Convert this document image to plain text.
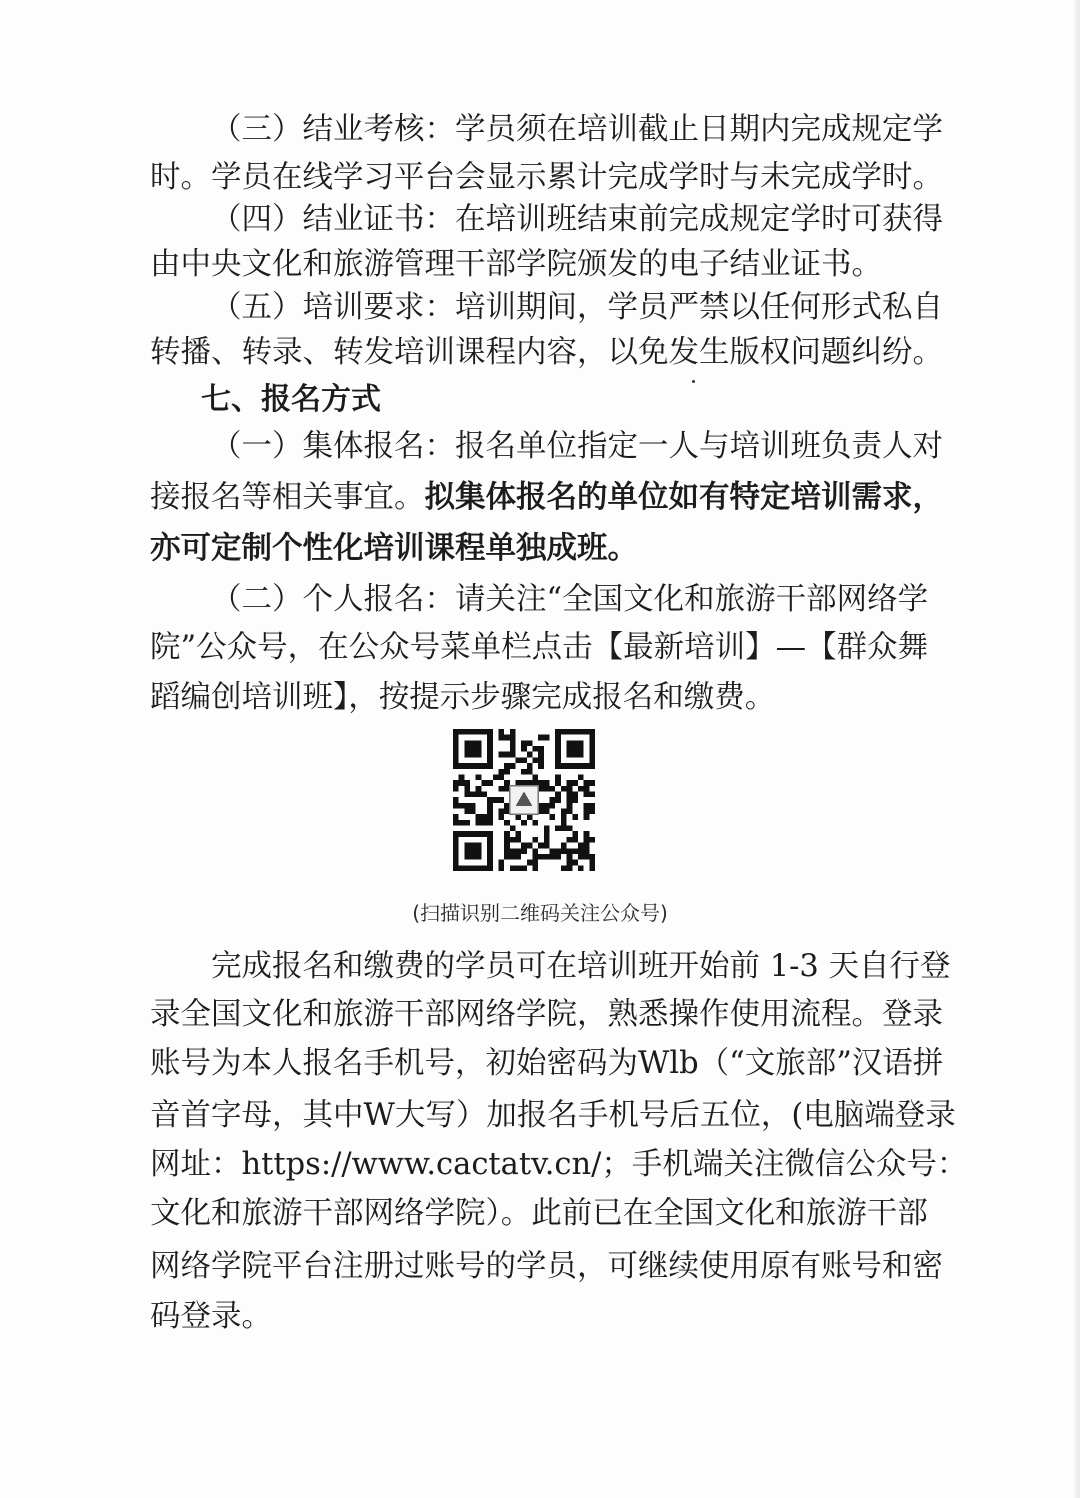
（三）结业考核：学员须在培训截止日期内完成规定学

时。学员在线学习平台会显示累计完成学时与未完成学时。

（四）结业证书：在培训班结束前完成规定学时可获得

由中央文化和旅游管理干部学院颁发的电子结业证书。

（五）培训要求：培训期间，学员严禁以任何形式私自

转播、转录、转发培训课程内容，以免发生版权问题纠纷。

七、报名方式

（一）集体报名：报名单位指定一人与培训班负责人对

接报名等相关事宜。拟集体报名的单位如有特定培训需求，

亦可定制个性化培训课程单独成班。

（二）个人报名：请关注“全国文化和旅游干部网络学

院”公众号，在公众号菜单栏点击【最新培训】—【群众舞

蹈编创培训班】，按提示步骤完成报名和缴费。

(扫描识别二维码关注公众号)

完成报名和缴费的学员可在培训班开始前 1-3 天自行登

录全国文化和旅游干部网络学院，熟悉操作使用流程。登录

账号为本人报名手机号，初始密码为Wlb（“文旅部”汉语拼

音首字母，其中W大写）加报名手机号后五位，(电脑端登录

网址：https://www.cactatv.cn/；手机端关注微信公众号：

文化和旅游干部网络学院）。此前已在全国文化和旅游干部

网络学院平台注册过账号的学员，可继续使用原有账号和密

码登录。
